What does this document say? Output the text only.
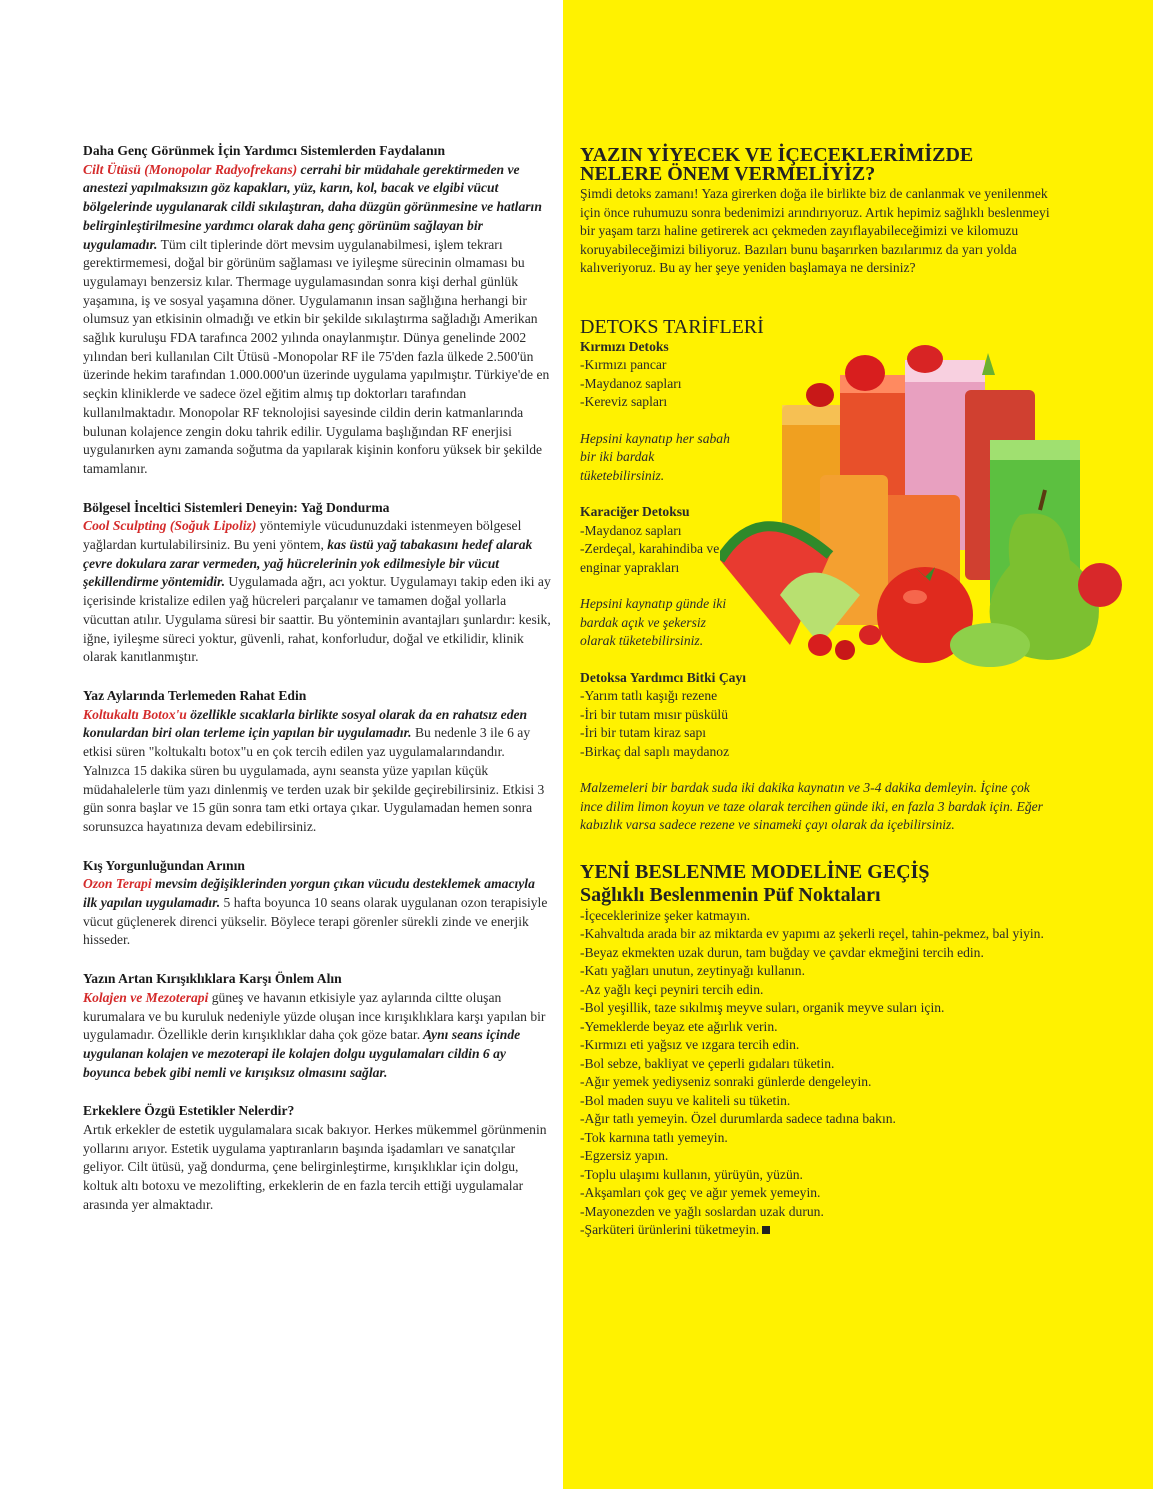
Daha Genç Görünmek İçin Yardımcı Sistemlerden Faydalanın
Cilt Ütüsü (Monopolar Radyofrekans) cerrahi bir müdahale gerektirmeden ve anestezi yapılmaksızın göz kapakları, yüz, karın, kol, bacak ve elgibi vücut bölgelerinde uygulanarak cildi sıkılaştıran, daha düzgün görünmesine ve hatların belirginleştirilmesine yardımcı olarak daha genç görünüm sağlayan bir uygulamadır. Tüm cilt tiplerinde dört mevsim uygulanabilmesi, işlem tekrarı gerektirmemesi, doğal bir görünüm sağlaması ve iyileşme sürecinin olmaması bu uygulamayı benzersiz kılar. Thermage uygulamasından sonra kişi derhal günlük yaşamına, iş ve sosyal yaşamına döner. Uygulamanın insan sağlığına herhangi bir olumsuz yan etkisinin olmadığı ve etkin bir şekilde sıkılaştırma sağladığı Amerikan sağlık kuruluşu FDA tarafınca 2002 yılında onaylanmıştır. Dünya genelinde 2002 yılından beri kullanılan Cilt Ütüsü -Monopolar RF ile 75'den fazla ülkede 2.500'ün üzerinde hekim tarafından 1.000.000'un üzerinde uygulama yapılmıştır. Türkiye'de en seçkin kliniklerde ve sadece özel eğitim almış tıp doktorları tarafından kullanılmaktadır. Monopolar RF teknolojisi sayesinde cildin derin katmanlarında bulunan kolajence zengin doku tahrik edilir. Uygulama başlığından RF enerjisi uygulanırken aynı zamanda soğutma da yapılarak kişinin konforu yüksek bir şekilde tamamlanır.
Bölgesel İnceltici Sistemleri Deneyin: Yağ Dondurma
Cool Sculpting (Soğuk Lipoliz) yöntemiyle vücudunuzdaki istenmeyen bölgesel yağlardan kurtulabilirsiniz. Bu yeni yöntem, kas üstü yağ tabakasını hedef alarak çevre dokulara zarar vermeden, yağ hücrelerinin yok edilmesiyle bir vücut şekillendirme yöntemidir. Uygulamada ağrı, acı yoktur. Uygulamayı takip eden iki ay içerisinde kristalize edilen yağ hücreleri parçalanır ve tamamen doğal yollarla vücuttan atılır. Uygulama süresi bir saattir. Bu yönteminin avantajları şunlardır: kesik, iğne, iyileşme süreci yoktur, güvenli, rahat, konforludur, doğal ve etkilidir, klinik olarak kanıtlanmıştır.
Yaz Aylarında Terlemeden Rahat Edin
Koltukaltı Botox'u özellikle sıcaklarla birlikte sosyal olarak da en rahatsız eden konulardan biri olan terleme için yapılan bir uygulamadır. Bu nedenle 3 ile 6 ay etkisi süren "koltukaltı botox"u en çok tercih edilen yaz uygulamalarındandır. Yalnızca 15 dakika süren bu uygulamada, aynı seansta yüze yapılan küçük müdahalelerle tüm yazı dinlenmiş ve terden uzak bir şekilde geçirebilirsiniz. Etkisi 3 gün sonra başlar ve 15 gün sonra tam etki ortaya çıkar. Uygulamadan hemen sonra sorunsuzca hayatınıza devam edebilirsiniz.
Kış Yorgunluğundan Arının
Ozon Terapi mevsim değişiklerinden yorgun çıkan vücudu desteklemek amacıyla ilk yapılan uygulamadır. 5 hafta boyunca 10 seans olarak uygulanan ozon terapisiyle vücut güçlenerek direnci yükselir. Böylece terapi görenler sürekli zinde ve enerjik hisseder.
Yazın Artan Kırışıklıklara Karşı Önlem Alın
Kolajen ve Mezoterapi güneş ve havanın etkisiyle yaz aylarında ciltte oluşan kurumalara ve bu kuruluk nedeniyle yüzde oluşan ince kırışıklıklara karşı yapılan bir uygulamadır. Özellikle derin kırışıklıklar daha çok göze batar. Aynı seans içinde uygulanan kolajen ve mezoterapi ile kolajen dolgu uygulamaları cildin 6 ay boyunca bebek gibi nemli ve kırışıksız olmasını sağlar.
Erkeklere Özgü Estetikler Nelerdir?
Artık erkekler de estetik uygulamalara sıcak bakıyor. Herkes mükemmel görünmenin yollarını arıyor. Estetik uygulama yaptıranların başında işadamları ve sanatçılar geliyor. Cilt ütüsü, yağ dondurma, çene belirginleştirme, kırışıklıklar için dolgu, koltuk altı botoxu ve mezolifting, erkeklerin de en fazla tercih ettiği uygulamalar arasında yer almaktadır.
YAZIN YİYECEK VE İÇECEKLERİMİZDE NELERE ÖNEM VERMELİYİZ?

Şimdi detoks zamanı! Yaza girerken doğa ile birlikte biz de canlanmak ve yenilenmek için önce ruhumuzu sonra bedenimizi arındırıyoruz. Artık hepimiz sağlıklı beslenmeyi bir yaşam tarzı haline getirerek acı çekmeden zayıflayabileceğimizi ve kilomuzu koruyabileceğimizi biliyoruz. Bazıları bunu başarırken bazılarımız da yarı yolda kalıveriyoruz. Bu ay her şeye yeniden başlamaya ne dersiniz?

DETOKS TARİFLERİ
Kırmızı Detoks
-Kırmızı pancar
-Maydanoz sapları
-Kereviz sapları
Hepsini kaynatıp her sabah bir iki bardak tüketebilirsiniz.
Karaciğer Detoksu
-Maydanoz sapları
-Zerdeçal, karahindiba ve enginar yaprakları
Hepsini kaynatıp günde iki bardak açık ve şekersiz olarak tüketebilirsiniz.
Detoksa Yardımcı Bitki Çayı
-Yarım tatlı kaşığı rezene
-İri bir tutam mısır püskülü
-İri bir tutam kiraz sapı
-Birkaç dal saplı maydanoz

Malzemeleri bir bardak suda iki dakika kaynatın ve 3-4 dakika demleyin. İçine çok ince dilim limon koyun ve taze olarak tercihen günde iki, en fazla 3 bardak için. Eğer kabızlık varsa sadece rezene ve sinameki çayı olarak da içebilirsiniz.

YENİ BESLENME MODELİNE GEÇİŞ
Sağlıklı Beslenmenin Püf Noktaları
-İçeceklerinize şeker katmayın.
-Kahvaltıda arada bir az miktarda ev yapımı az şekerli reçel, tahin-pekmez, bal yiyin.
-Beyaz ekmekten uzak durun, tam buğday ve çavdar ekmeğini tercih edin.
-Katı yağları unutun, zeytinyağı kullanın.
-Az yağlı keçi peyniri tercih edin.
-Bol yeşillik, taze sıkılmış meyve suları, organik meyve suları için.
-Yemeklerde beyaz ete ağırlık verin.
-Kırmızı eti yağsız ve ızgara tercih edin.
-Bol sebze, bakliyat ve çeperli gıdaları tüketin.
-Ağır yemek yediyseniz sonraki günlerde dengeleyin.
-Bol maden suyu ve kaliteli su tüketin.
-Ağır tatlı yemeyin. Özel durumlarda sadece tadına bakın.
-Tok karnına tatlı yemeyin.
-Egzersiz yapın.
-Toplu ulaşımı kullanın, yürüyün, yüzün.
-Akşamları çok geç ve ağır yemek yemeyin.
-Mayonezden ve yağlı soslardan uzak durun.
-Şarküteri ürünlerini tüketmeyin.
